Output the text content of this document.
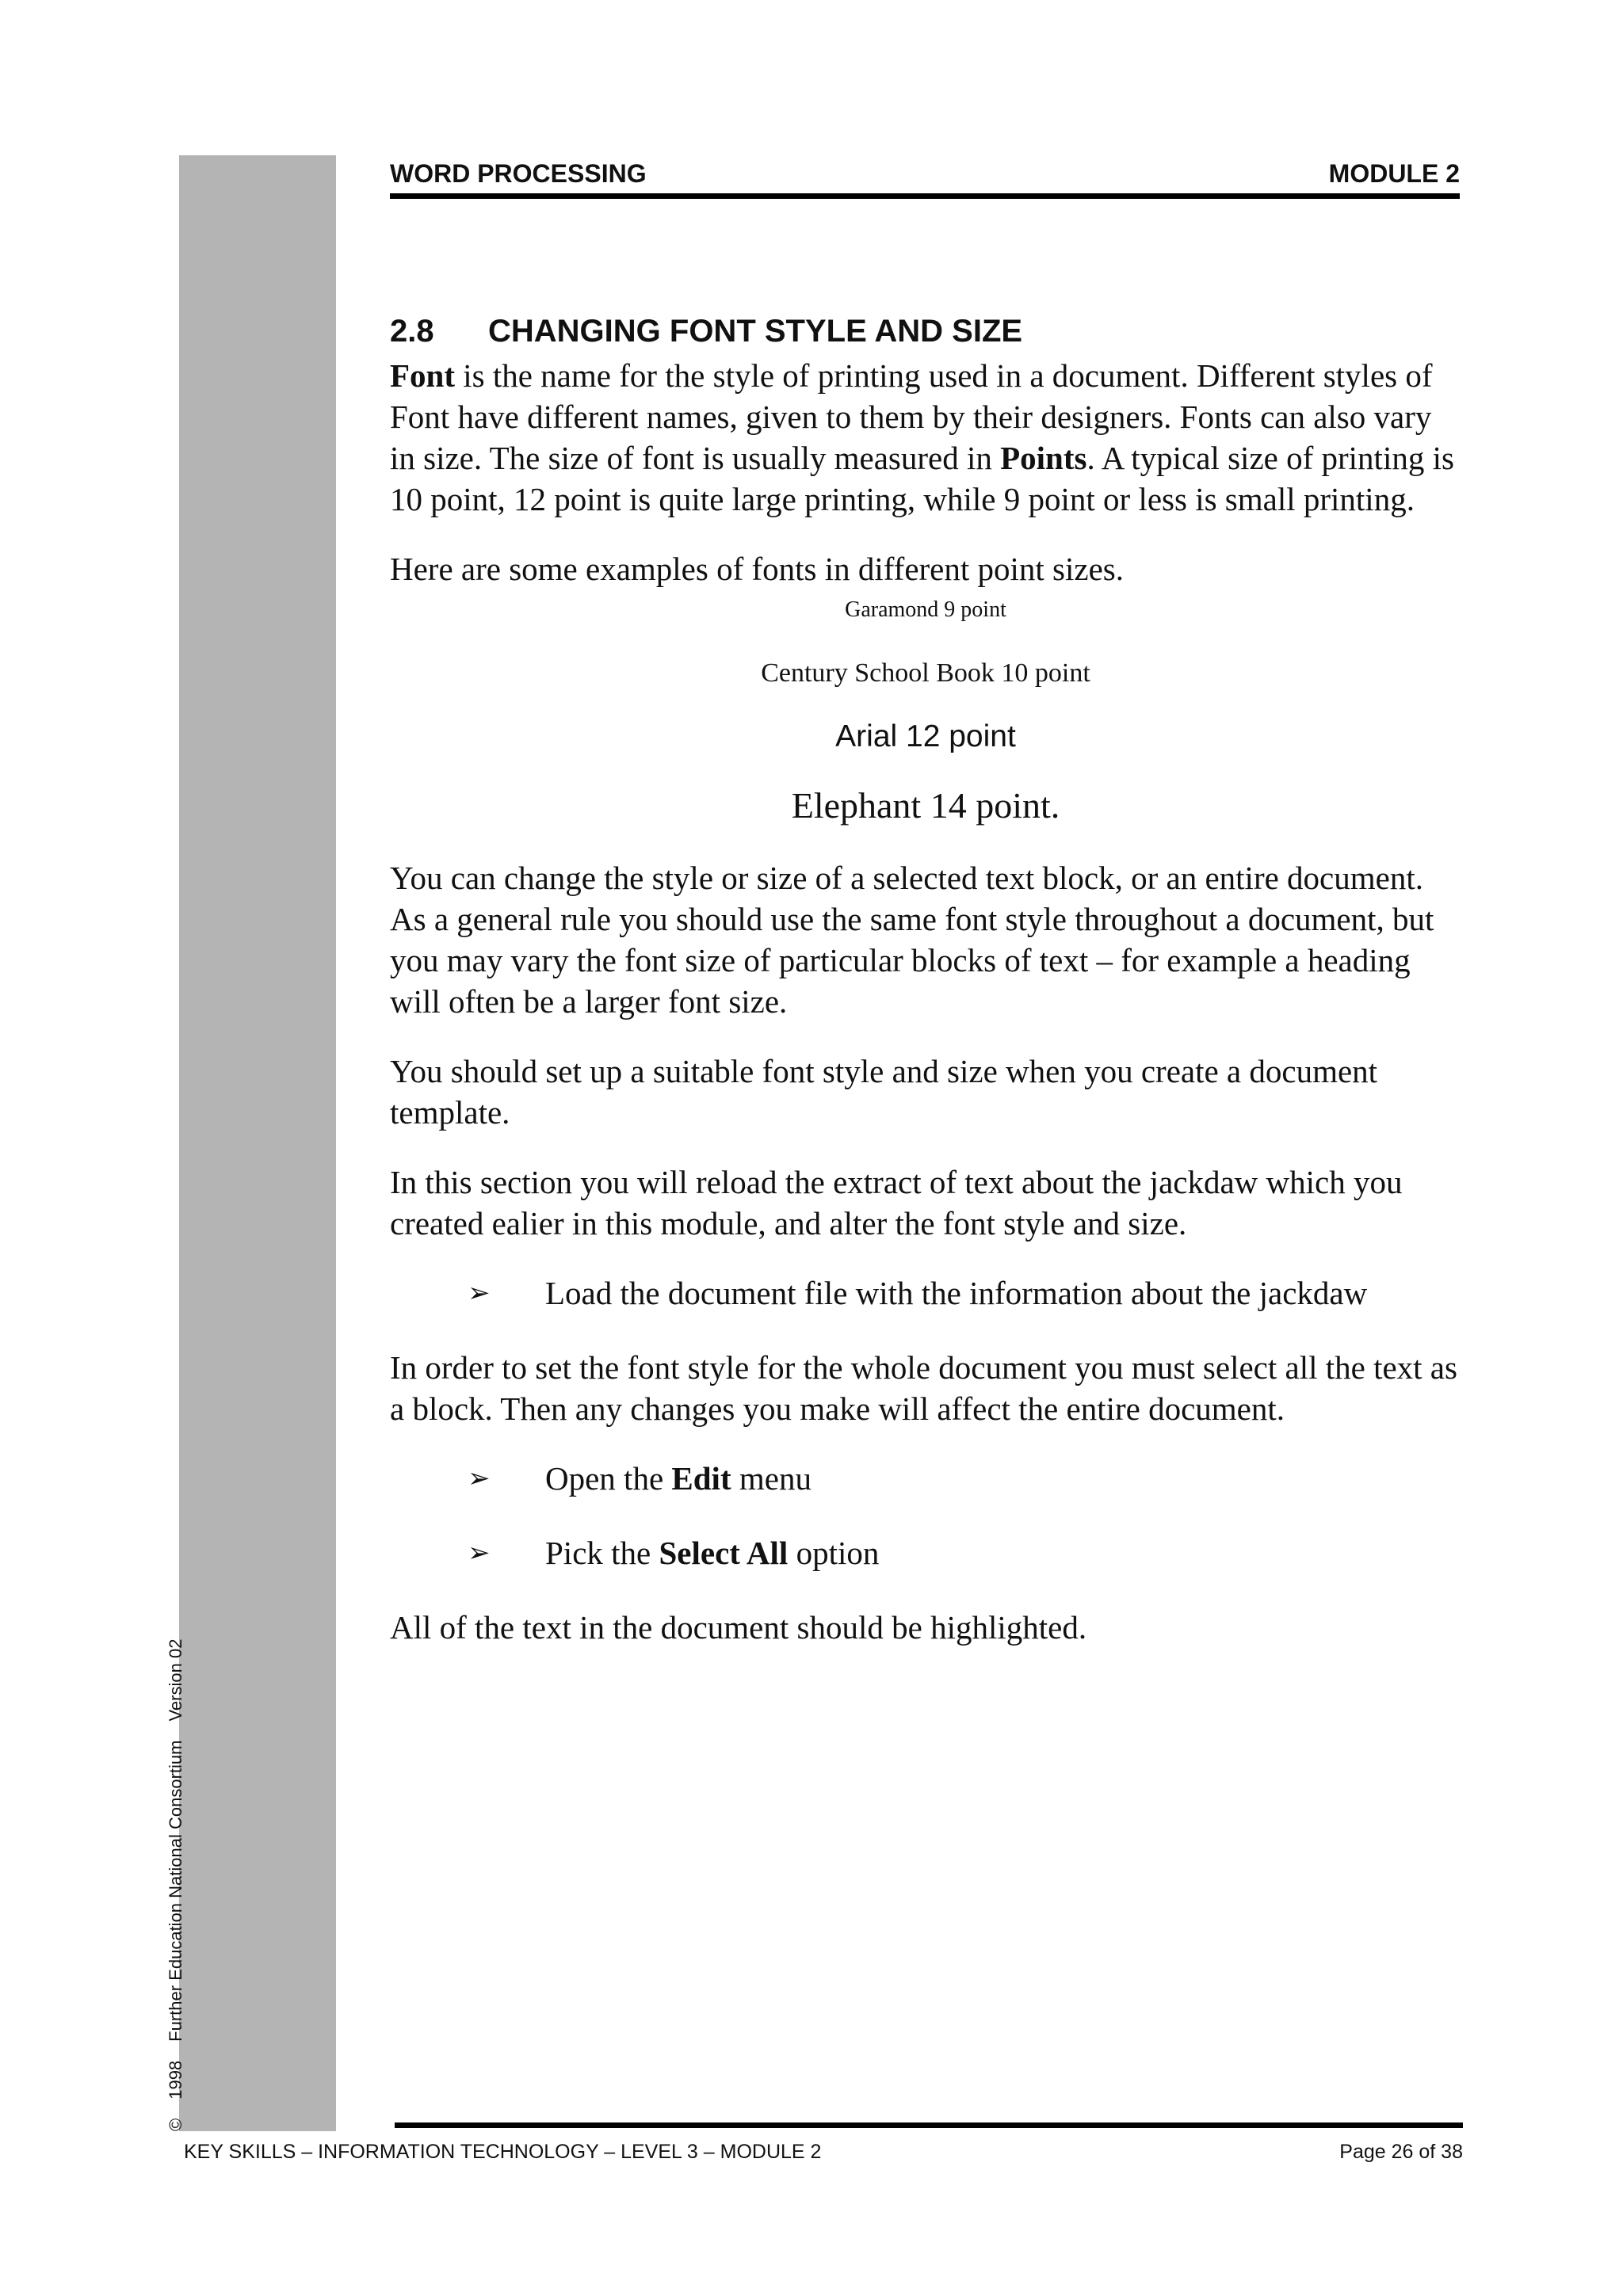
©1998Further Education National ConsortiumVersion 02
WORD PROCESSING	MODULE 2
2.8 CHANGING FONT STYLE AND SIZE

Font is the name for the style of printing used in a document. Different styles of Font have different names, given to them by their designers. Fonts can also vary in size. The size of font is usually measured in Points. A typical size of printing is 10 point, 12 point is quite large printing, while 9 point or less is small printing.

Here are some examples of fonts in different point sizes.

Garamond 9 point

Century School Book 10 point

Arial 12 point

Elephant 14 point.

You can change the style or size of a selected text block, or an entire document. As a general rule you should use the same font style throughout a document, but you may vary the font size of particular blocks of text – for example a heading will often be a larger font size.

You should set up a suitable font style and size when you create a document template.

In this section you will reload the extract of text about the jackdaw which you created ealier in this module, and alter the font style and size.

➢ Load the document file with the information about the jackdaw

In order to set the font style for the whole document you must select all the text as a block. Then any changes you make will affect the entire document.

➢ Open the Edit menu
➢ Pick the Select All option

All of the text in the document should be highlighted.

KEY SKILLS – INFORMATION TECHNOLOGY – LEVEL 3 – MODULE 2	Page 26 of 38
